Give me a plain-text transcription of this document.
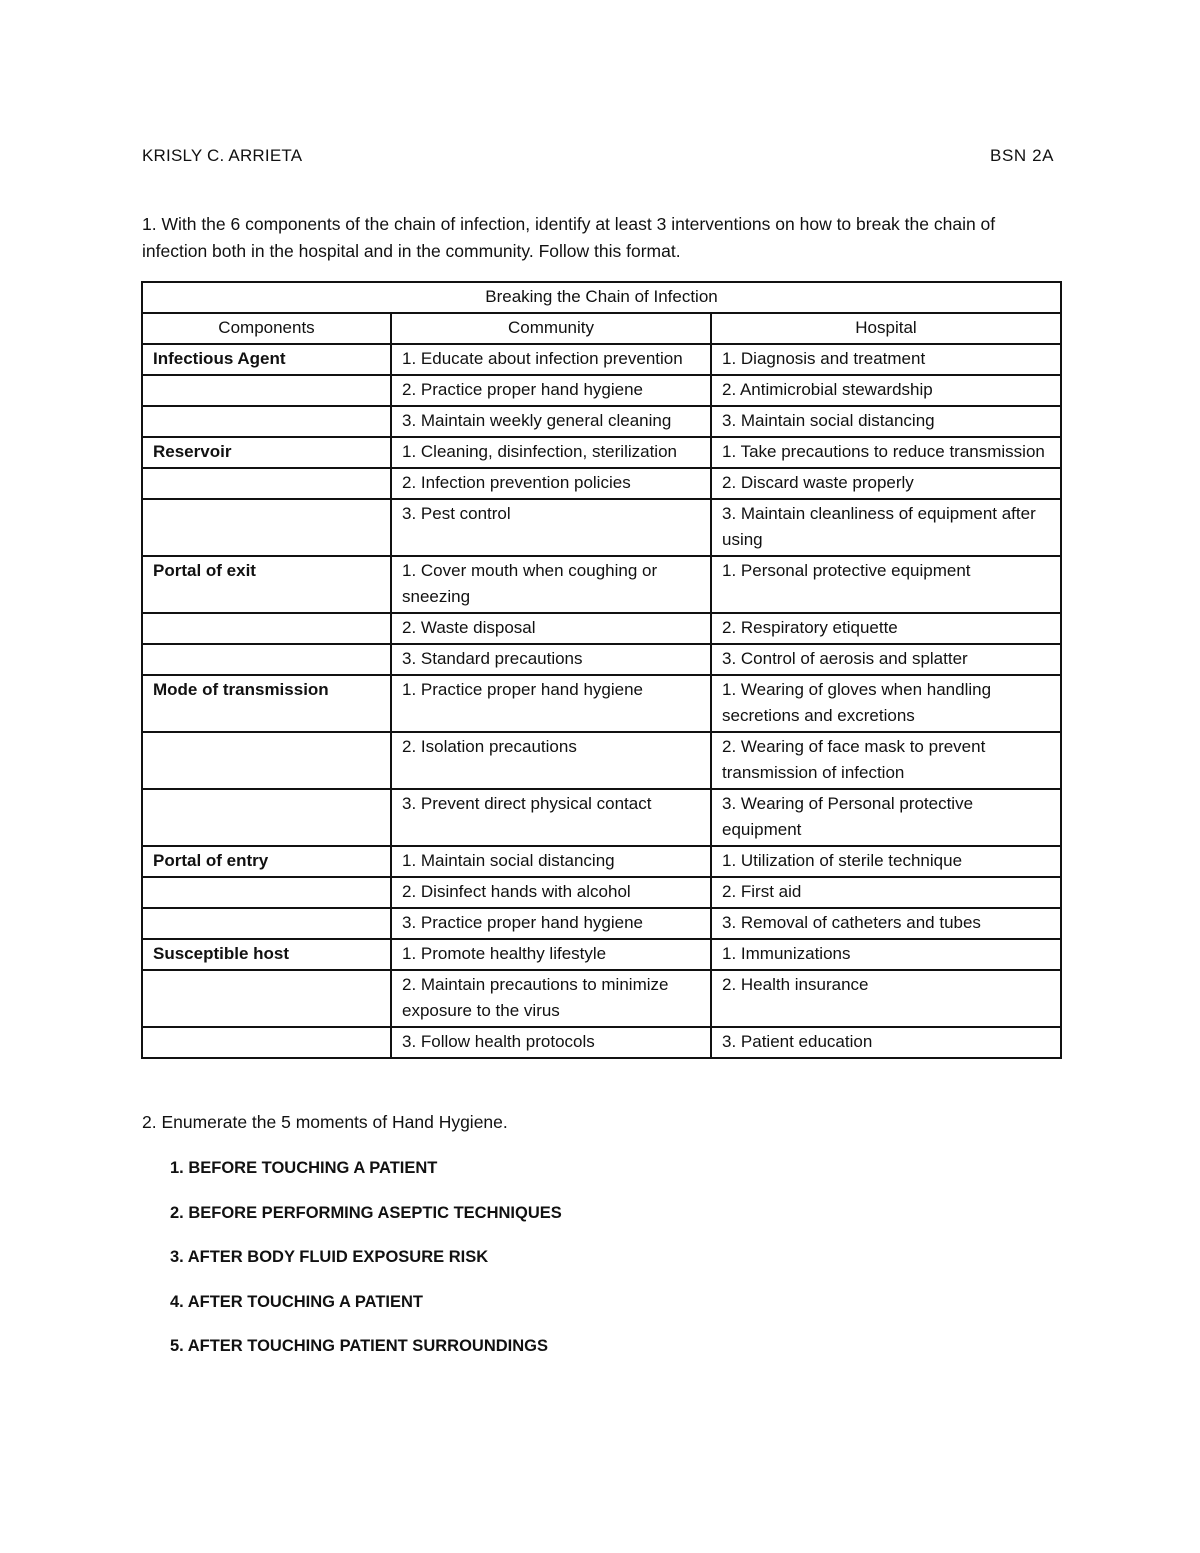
KRISLY C. ARRIETA	BSN 2A
1. With the 6 components of the chain of infection, identify at least 3 interventions on how to break the chain of infection both in the hospital and in the community. Follow this format.
Breaking the Chain of Infection		
Components	Community	Hospital
Infectious Agent	1. Educate about infection prevention	1. Diagnosis and treatment
	2. Practice proper hand hygiene	2. Antimicrobial stewardship
	3. Maintain weekly general cleaning	3. Maintain social distancing
Reservoir	1. Cleaning, disinfection, sterilization	1. Take precautions to reduce transmission
	2. Infection prevention policies	2. Discard waste properly
	3. Pest control	3. Maintain cleanliness of equipment after using
Portal of exit	1. Cover mouth when coughing or sneezing	1. Personal protective equipment
	2. Waste disposal	2. Respiratory etiquette
	3. Standard precautions	3. Control of aerosis and splatter
Mode of transmission	1. Practice proper hand hygiene	1. Wearing of gloves when handling secretions and excretions
	2. Isolation precautions	2. Wearing of face mask to prevent transmission of infection
	3. Prevent direct physical contact	3. Wearing of Personal protective equipment
Portal of entry	1. Maintain social distancing	1. Utilization of sterile technique
	2. Disinfect hands with alcohol	2. First aid
	3. Practice proper hand hygiene	3. Removal of catheters and tubes
Susceptible host	1. Promote healthy lifestyle	1. Immunizations
	2. Maintain precautions to minimize exposure to the virus	2. Health insurance
	3. Follow health protocols	3. Patient education
2. Enumerate the 5 moments of Hand Hygiene.
1. BEFORE TOUCHING A PATIENT
2. BEFORE PERFORMING ASEPTIC TECHNIQUES
3. AFTER BODY FLUID EXPOSURE RISK
4. AFTER TOUCHING A PATIENT
5. AFTER TOUCHING PATIENT SURROUNDINGS
